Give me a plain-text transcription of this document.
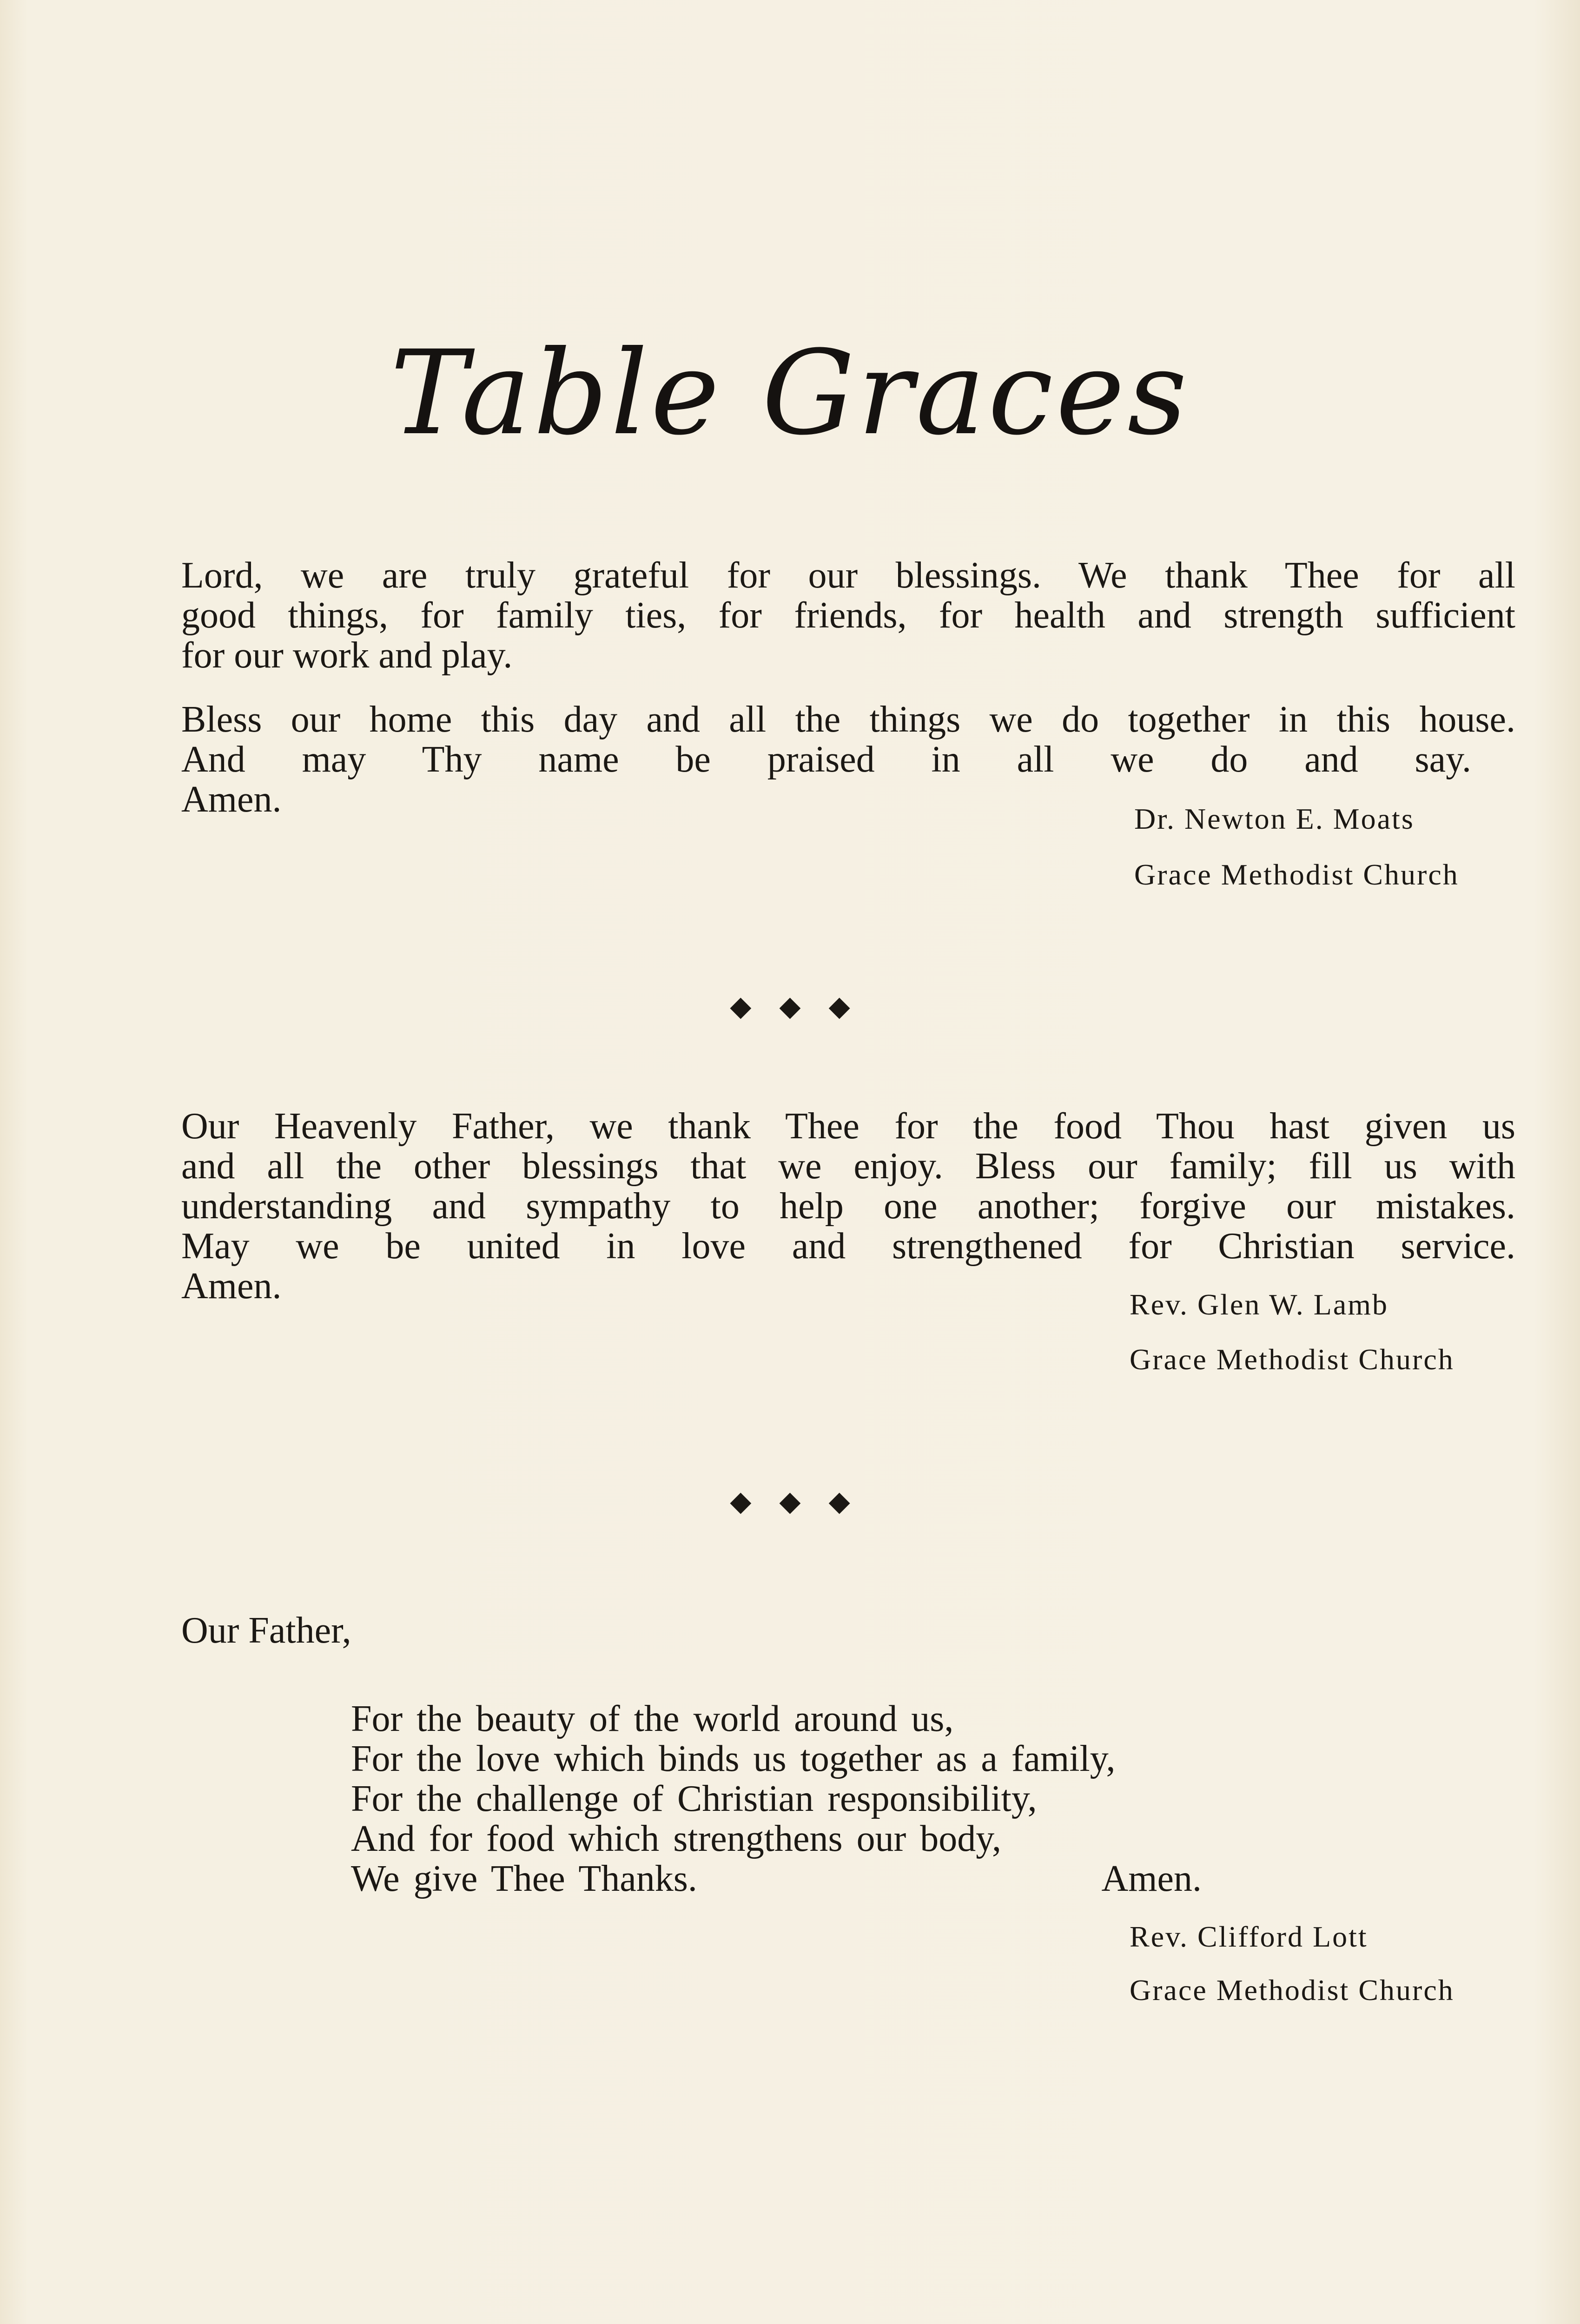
Table Graces
Lord, we are truly grateful for our blessings. We thank Thee for all
good things, for family ties, for friends, for health and strength sufficient
for our work and play.
Bless our home this day and all the things we do together in this house.
And may Thy name be praised in all we do and say.
Amen.	Dr. Newton E. Moats
Grace Methodist Church
◆◆◆
Our Heavenly Father, we thank Thee for the food Thou hast given us
and all the other blessings that we enjoy. Bless our family; fill us with
understanding and sympathy to help one another; forgive our mistakes.
May we be united in love and strengthened for Christian service.
Amen.	Rev. Glen W. Lamb
Grace Methodist Church
◆◆◆
Our Father,
For the beauty of the world around us,
For the love which binds us together as a family,
For the challenge of Christian responsibility,
And for food which strengthens our body,
We give Thee Thanks.	Amen.
Rev. Clifford Lott
Grace Methodist Church
